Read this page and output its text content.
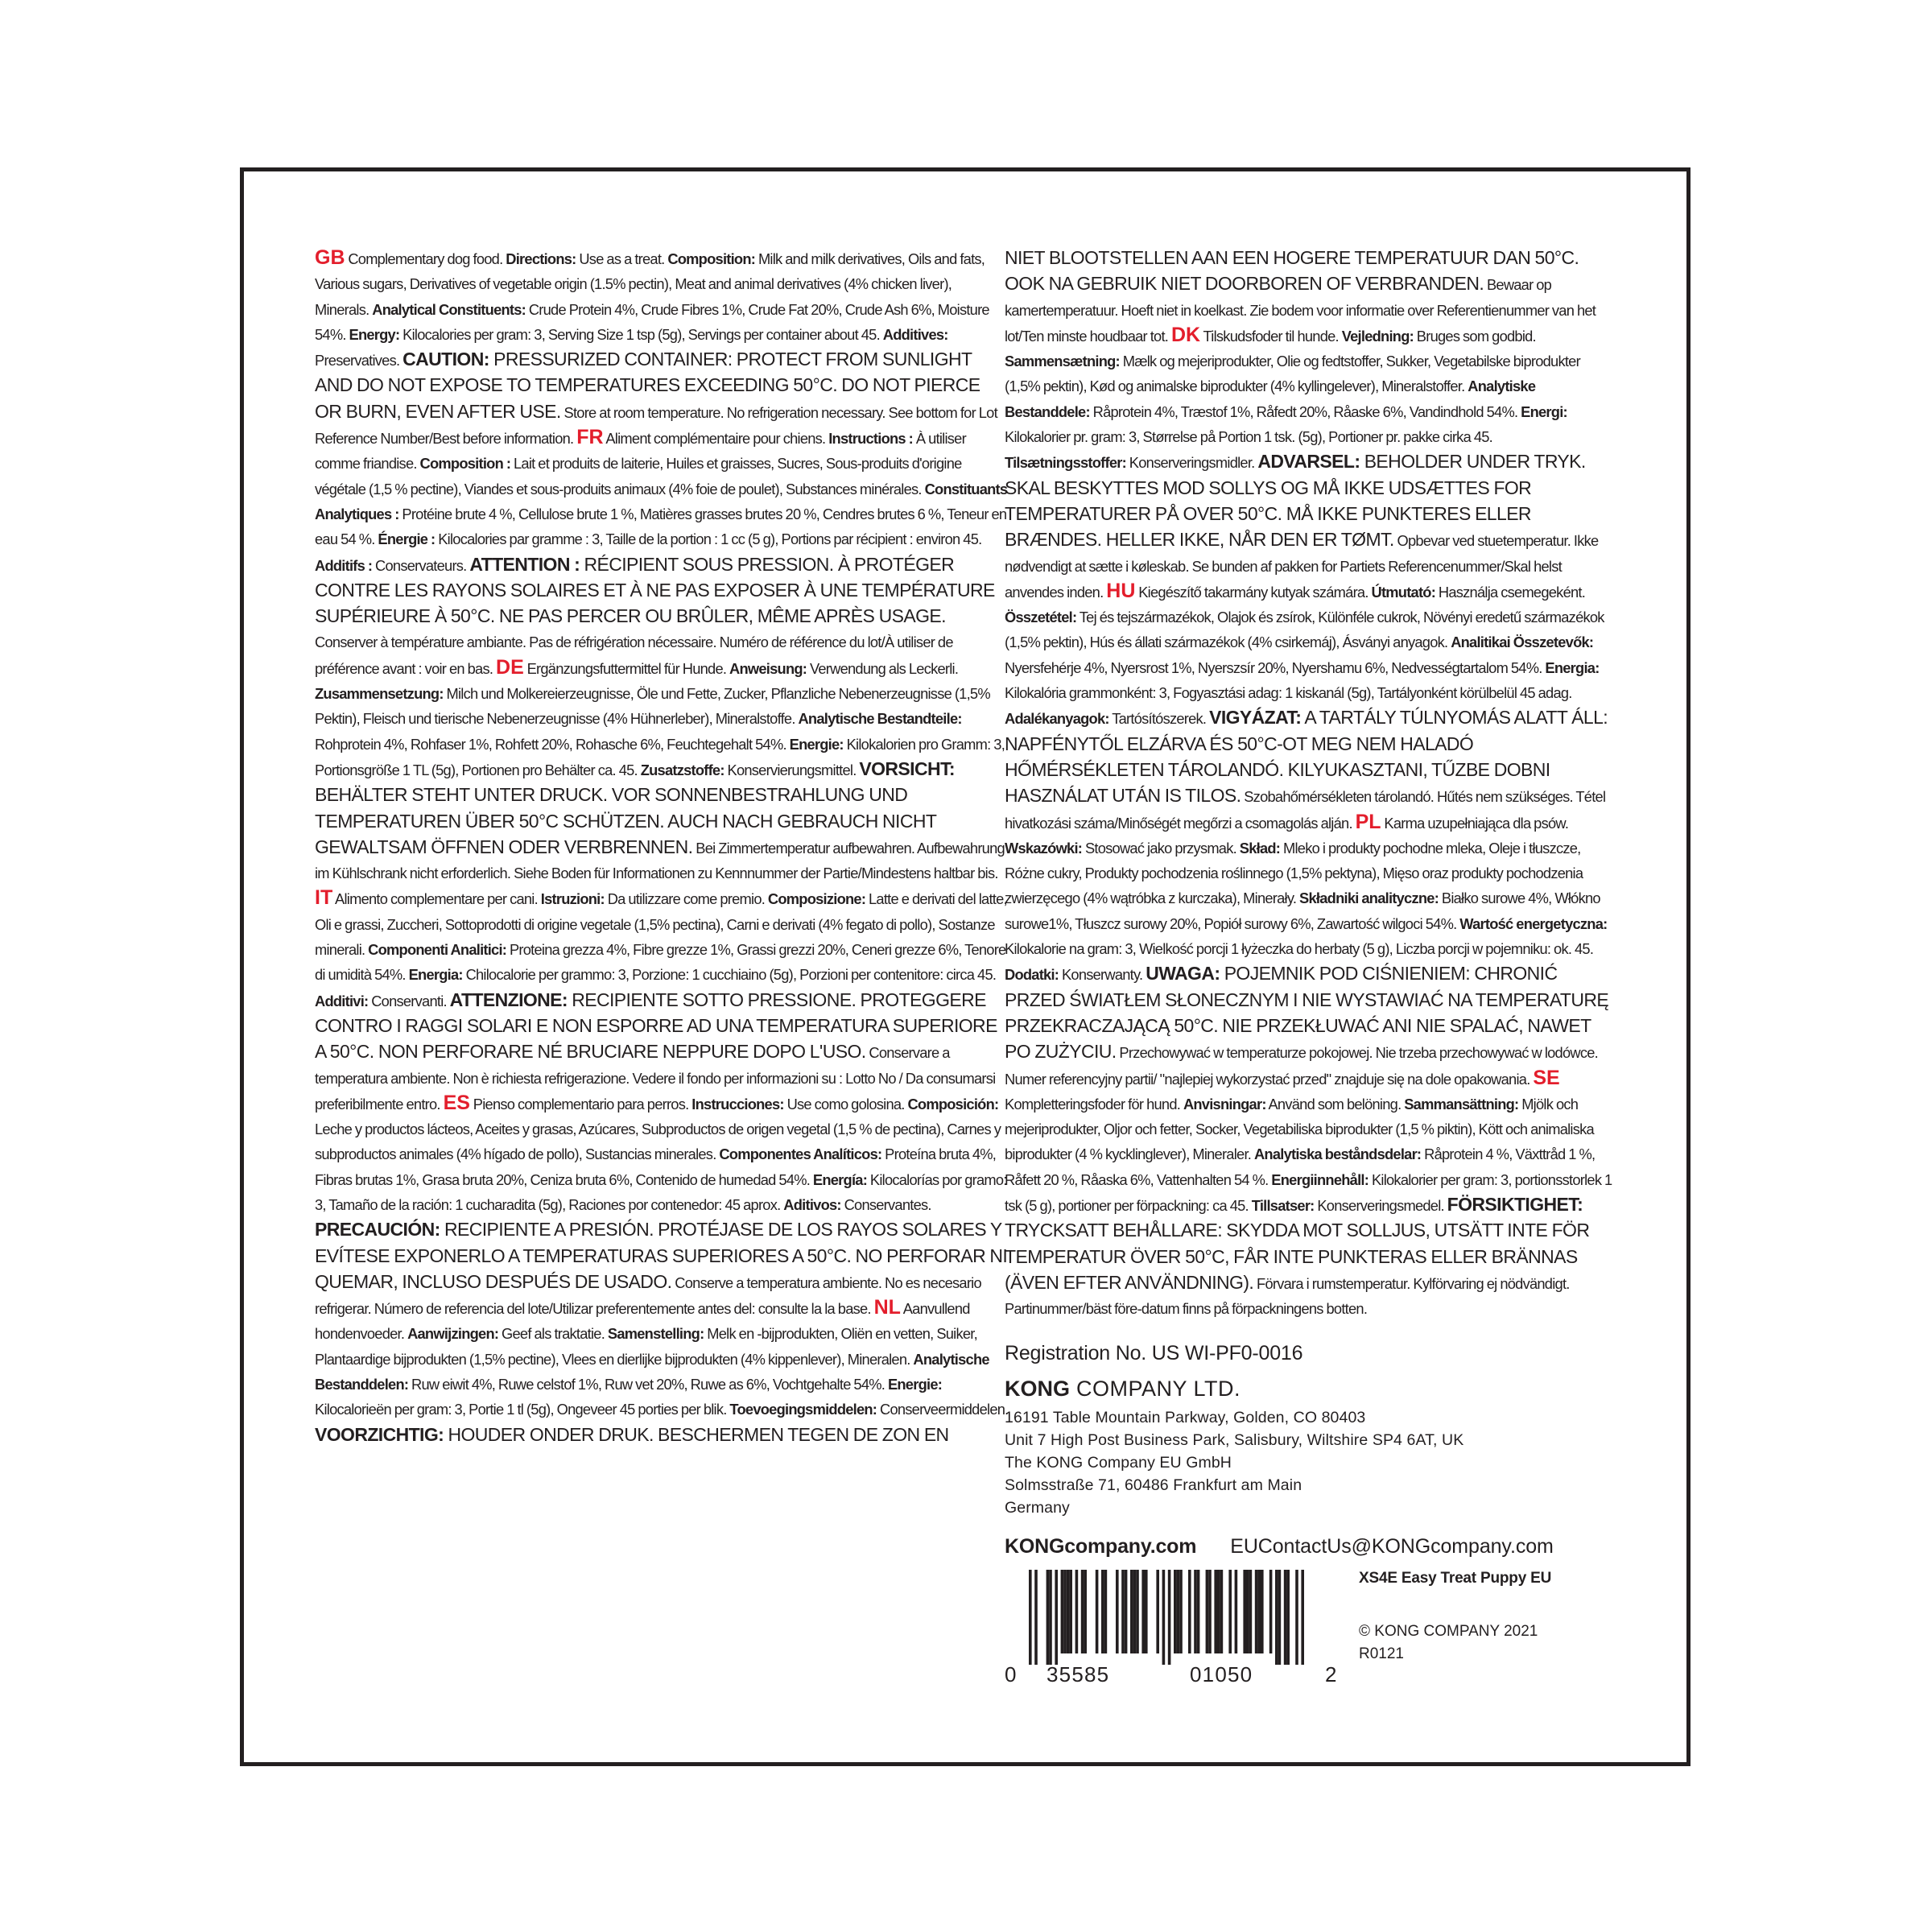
GB Complementary dog food. Directions: Use as a treat. Composition: Milk and milk derivatives, Oils and fats, Various sugars, Derivatives of vegetable origin (1.5% pectin), Meat and animal derivatives (4% chicken liver), Minerals. Analytical Constituents: Crude Protein 4%, Crude Fibres 1%, Crude Fat 20%, Crude Ash 6%, Moisture 54%. Energy: Kilocalories per gram: 3, Serving Size 1 tsp (5g), Servings per container about 45. Additives: Preservatives. CAUTION: PRESSURIZED CONTAINER: PROTECT FROM SUNLIGHT AND DO NOT EXPOSE TO TEMPERATURES EXCEEDING 50°C. DO NOT PIERCE OR BURN, EVEN AFTER USE. Store at room temperature. No refrigeration necessary. See bottom for Lot Reference Number/Best before information. FR Aliment complémentaire pour chiens. Instructions : À utiliser comme friandise. Composition : Lait et produits de laiterie, Huiles et graisses, Sucres, Sous-produits d'origine végétale (1,5 % pectine), Viandes et sous-produits animaux (4% foie de poulet), Substances minérales. Constituants Analytiques : Protéine brute 4 %, Cellulose brute 1 %, Matières grasses brutes 20 %, Cendres brutes 6 %, Teneur en eau 54 %. Énergie : Kilocalories par gramme : 3, Taille de la portion : 1 cc (5 g), Portions par récipient : environ 45. Additifs : Conservateurs. ATTENTION : RÉCIPIENT SOUS PRESSION. À PROTÉGER CONTRE LES RAYONS SOLAIRES ET À NE PAS EXPOSER À UNE TEMPÉRATURE SUPÉRIEURE À 50°C. NE PAS PERCER OU BRÛLER, MÊME APRÈS USAGE. Conserver à température ambiante. Pas de réfrigération nécessaire. Numéro de référence du lot/À utiliser de préférence avant : voir en bas. DE Ergänzungsfuttermittel für Hunde. Anweisung: Verwendung als Leckerli. Zusammensetzung: Milch und Molkereierzeugnisse, Öle und Fette, Zucker, Pflanzliche Nebenerzeugnisse (1,5% Pektin), Fleisch und tierische Nebenerzeugnisse (4% Hühnerleber), Mineralstoffe. Analytische Bestandteile: Rohprotein 4%, Rohfaser 1%, Rohfett 20%, Rohasche 6%, Feuchtegehalt 54%. Energie: Kilokalorien pro Gramm: 3, Portionsgröße 1 TL (5g), Portionen pro Behälter ca. 45. Zusatzstoffe: Konservierungsmittel. VORSICHT: BEHÄLTER STEHT UNTER DRUCK. VOR SONNENBESTRAHLUNG UND TEMPERATUREN ÜBER 50°C SCHÜTZEN. AUCH NACH GEBRAUCH NICHT GEWALTSAM ÖFFNEN ODER VERBRENNEN. Bei Zimmertemperatur aufbewahren. Aufbewahrung im Kühlschrank nicht erforderlich. Siehe Boden für Informationen zu Kennnummer der Partie/Mindestens haltbar bis. IT Alimento complementare per cani. Istruzioni: Da utilizzare come premio. Composizione: Latte e derivati del latte, Oli e grassi, Zuccheri, Sottoprodotti di origine vegetale (1,5% pectina), Carni e derivati (4% fegato di pollo), Sostanze minerali. Componenti Analitici: Proteina grezza 4%, Fibre grezze 1%, Grassi grezzi 20%, Ceneri grezze 6%, Tenore di umidità 54%. Energia: Chilocalorie per grammo: 3, Porzione: 1 cucchiaino (5g), Porzioni per contenitore: circa 45. Additivi: Conservanti. ATTENZIONE: RECIPIENTE SOTTO PRESSIONE. PROTEGGERE CONTRO I RAGGI SOLARI E NON ESPORRE AD UNA TEMPERATURA SUPERIORE A 50°C. NON PERFORARE NÉ BRUCIARE NEPPURE DOPO L'USO. Conservare a temperatura ambiente. Non è richiesta refrigerazione. Vedere il fondo per informazioni su : Lotto No / Da consumarsi preferibilmente entro. ES Pienso complementario para perros. Instrucciones: Use como golosina. Composición: Leche y productos lácteos, Aceites y grasas, Azúcares, Subproductos de origen vegetal (1,5 % de pectina), Carnes y subproductos animales (4% hígado de pollo), Sustancias minerales. Componentes Analíticos: Proteína bruta 4%, Fibras brutas 1%, Grasa bruta 20%, Ceniza bruta 6%, Contenido de humedad 54%. Energía: Kilocalorías por gramo: 3, Tamaño de la ración: 1 cucharadita (5g), Raciones por contenedor: 45 aprox. Aditivos: Conservantes. PRECAUCIÓN: RECIPIENTE A PRESIÓN. PROTÉJASE DE LOS RAYOS SOLARES Y EVÍTESE EXPONERLO A TEMPERATURAS SUPERIORES A 50°C. NO PERFORAR NI QUEMAR, INCLUSO DESPUÉS DE USADO. Conserve a temperatura ambiente. No es necesario refrigerar. Número de referencia del lote/Utilizar preferentemente antes del: consulte la la base. NL Aanvullend hondenvoeder. Aanwijzingen: Geef als traktatie. Samenstelling: Melk en -bijprodukten, Oliën en vetten, Suiker, Plantaardige bijprodukten (1,5% pectine), Vlees en dierlijke bijprodukten (4% kippenlever), Mineralen. Analytische Bestanddelen: Ruw eiwit 4%, Ruwe celstof 1%, Ruw vet 20%, Ruwe as 6%, Vochtgehalte 54%. Energie: Kilocalorieën per gram: 3, Portie 1 tl (5g), Ongeveer 45 porties per blik. Toevoegingsmiddelen: Conserveermiddelen. VOORZICHTIG: HOUDER ONDER DRUK. BESCHERMEN TEGEN DE ZON EN

NIET BLOOTSTELLEN AAN EEN HOGERE TEMPERATUUR DAN 50°C. OOK NA GEBRUIK NIET DOORBOREN OF VERBRANDEN. Bewaar op kamertemperatuur. Hoeft niet in koelkast. Zie bodem voor informatie over Referentienummer van het lot/Ten minste houdbaar tot. DK Tilskudsfoder til hunde. Vejledning: Bruges som godbid. Sammensætning: Mælk og mejeriprodukter, Olie og fedtstoffer, Sukker, Vegetabilske biprodukter (1,5% pektin), Kød og animalske biprodukter (4% kyllingelever), Mineralstoffer. Analytiske Bestanddele: Råprotein 4%, Træstof 1%, Råfedt 20%, Råaske 6%, Vandindhold 54%. Energi: Kilokalorier pr. gram: 3, Størrelse på Portion 1 tsk. (5g), Portioner pr. pakke cirka 45. Tilsætningsstoffer: Konserveringsmidler. ADVARSEL: BEHOLDER UNDER TRYK. SKAL BESKYTTES MOD SOLLYS OG MÅ IKKE UDSÆTTES FOR TEMPERATURER PÅ OVER 50°C. MÅ IKKE PUNKTERES ELLER BRÆNDES. HELLER IKKE, NÅR DEN ER TØMT. Opbevar ved stuetemperatur. Ikke nødvendigt at sætte i køleskab. Se bunden af pakken for Partiets Referencenummer/Skal helst anvendes inden. HU Kiegészítő takarmány kutyak számára. Útmutató: Használja csemegeként. Összetétel: Tej és tejszármazékok, Olajok és zsírok, Különféle cukrok, Növényi eredetű származékok (1,5% pektin), Hús és állati származékok (4% csirkemáj), Ásványi anyagok. Analitikai Összetevők: Nyersfehérje 4%, Nyersrost 1%, Nyerszsír 20%, Nyershamu 6%, Nedvességtartalom 54%. Energia: Kilokalória grammonként: 3, Fogyasztási adag: 1 kiskanál (5g), Tartályonként körülbelül 45 adag. Adalékanyagok: Tartósítószerek. VIGYÁZAT: A TARTÁLY TÚLNYOMÁS ALATT ÁLL: NAPFÉNYTŐL ELZÁRVA ÉS 50°C-OT MEG NEM HALADÓ HŐMÉRSÉKLETEN TÁROLANDÓ. KILYUKASZTANI, TŰZBE DOBNI HASZNÁLAT UTÁN IS TILOS. Szobahőmérsékleten tárolandó. Hűtés nem szükséges. Tétel hivatkozási száma/Minőségét megőrzi a csomagolás alján. PL Karma uzupełniająca dla psów. Wskazówki: Stosować jako przysmak. Skład: Mleko i produkty pochodne mleka, Oleje i tłuszcze, Różne cukry, Produkty pochodzenia roślinnego (1,5% pektyna), Mięso oraz produkty pochodzenia zwierzęcego (4% wątróbka z kurczaka), Minerały. Składniki analityczne: Białko surowe 4%, Włókno surowe1%, Tłuszcz surowy 20%, Popiół surowy 6%, Zawartość wilgoci 54%. Wartość energetyczna: Kilokalorie na gram: 3, Wielkość porcji 1 łyżeczka do herbaty (5 g), Liczba porcji w pojemniku: ok. 45. Dodatki: Konserwanty. UWAGA: POJEMNIK POD CIŚNIENIEM: CHRONIĆ PRZED ŚWIATŁEM SŁONECZNYM I NIE WYSTAWIAĆ NA TEMPERATURĘ PRZEKRACZAJĄCĄ 50°C. NIE PRZEKŁUWAĆ ANI NIE SPALAĆ, NAWET PO ZUŻYCIU. Przechowywać w temperaturze pokojowej. Nie trzeba przechowywać w lodówce. Numer referencyjny partii/ "najlepiej wykorzystać przed" znajduje się na dole opakowania. SE Kompletteringsfoder för hund. Anvisningar: Använd som belöning. Sammansättning: Mjölk och mejeriprodukter, Oljor och fetter, Socker, Vegetabiliska biprodukter (1,5 % piktin), Kött och animaliska biprodukter (4 % kycklinglever), Mineraler. Analytiska beståndsdelar: Råprotein 4 %, Växttråd 1 %, Råfett 20 %, Råaska 6%, Vattenhalten 54 %. Energiinnehåll: Kilokalorier per gram: 3, portionsstorlek 1 tsk (5 g), portioner per förpackning: ca 45. Tillsatser: Konserveringsmedel. FÖRSIKTIGHET: TRYCKSATT BEHÅLLARE: SKYDDA MOT SOLLJUS, UTSÄTT INTE FÖR TEMPERATUR ÖVER 50°C, FÅR INTE PUNKTERAS ELLER BRÄNNAS (ÄVEN EFTER ANVÄNDNING). Förvara i rumstemperatur. Kylförvaring ej nödvändigt. Partinummer/bäst före-datum finns på förpackningens botten.

Registration No. US WI-PF0-0016
KONG COMPANY LTD.
16191 Table Mountain Parkway, Golden, CO 80403
Unit 7 High Post Business Park, Salisbury, Wiltshire SP4 6AT, UK
The KONG Company EU GmbH
Solmsstraße 71, 60486 Frankfurt am Main
Germany
KONGcompany.com EUContactUs@KONGcompany.com
0 35585	01050	2
XS4E Easy Treat Puppy EU
© KONG COMPANY 2021
R0121
